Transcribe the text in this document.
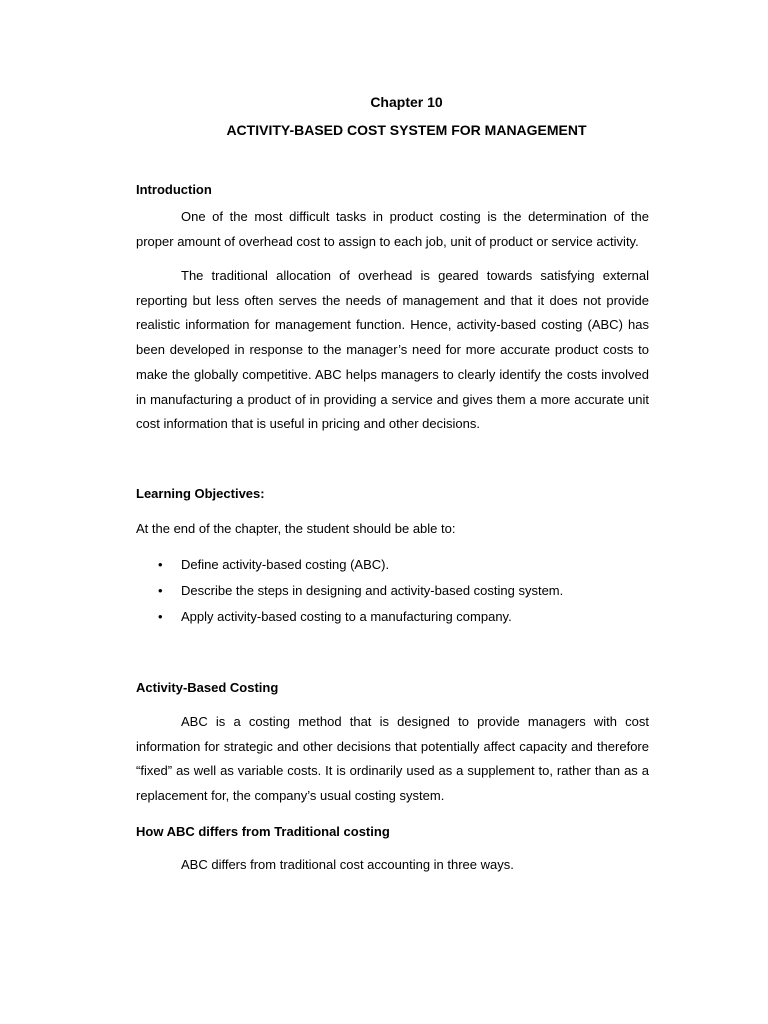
Chapter 10
ACTIVITY-BASED COST SYSTEM FOR MANAGEMENT
Introduction

One of the most difficult tasks in product costing is the determination of the proper amount of overhead cost to assign to each job, unit of product or service activity.

The traditional allocation of overhead is geared towards satisfying external reporting but less often serves the needs of management and that it does not provide realistic information for management function. Hence, activity-based costing (ABC) has been developed in response to the manager’s need for more accurate product costs to make the globally competitive. ABC helps managers to clearly identify the costs involved in manufacturing a product of in providing a service and gives them a more accurate unit cost information that is useful in pricing and other decisions.

Learning Objectives:

At the end of the chapter, the student should be able to:

• Define activity-based costing (ABC).
• Describe the steps in designing and activity-based costing system.
• Apply activity-based costing to a manufacturing company.
Activity-Based Costing

ABC is a costing method that is designed to provide managers with cost information for strategic and other decisions that potentially affect capacity and therefore “fixed” as well as variable costs. It is ordinarily used as a supplement to, rather than as a replacement for, the company’s usual costing system.

How ABC differs from Traditional costing

ABC differs from traditional cost accounting in three ways.
